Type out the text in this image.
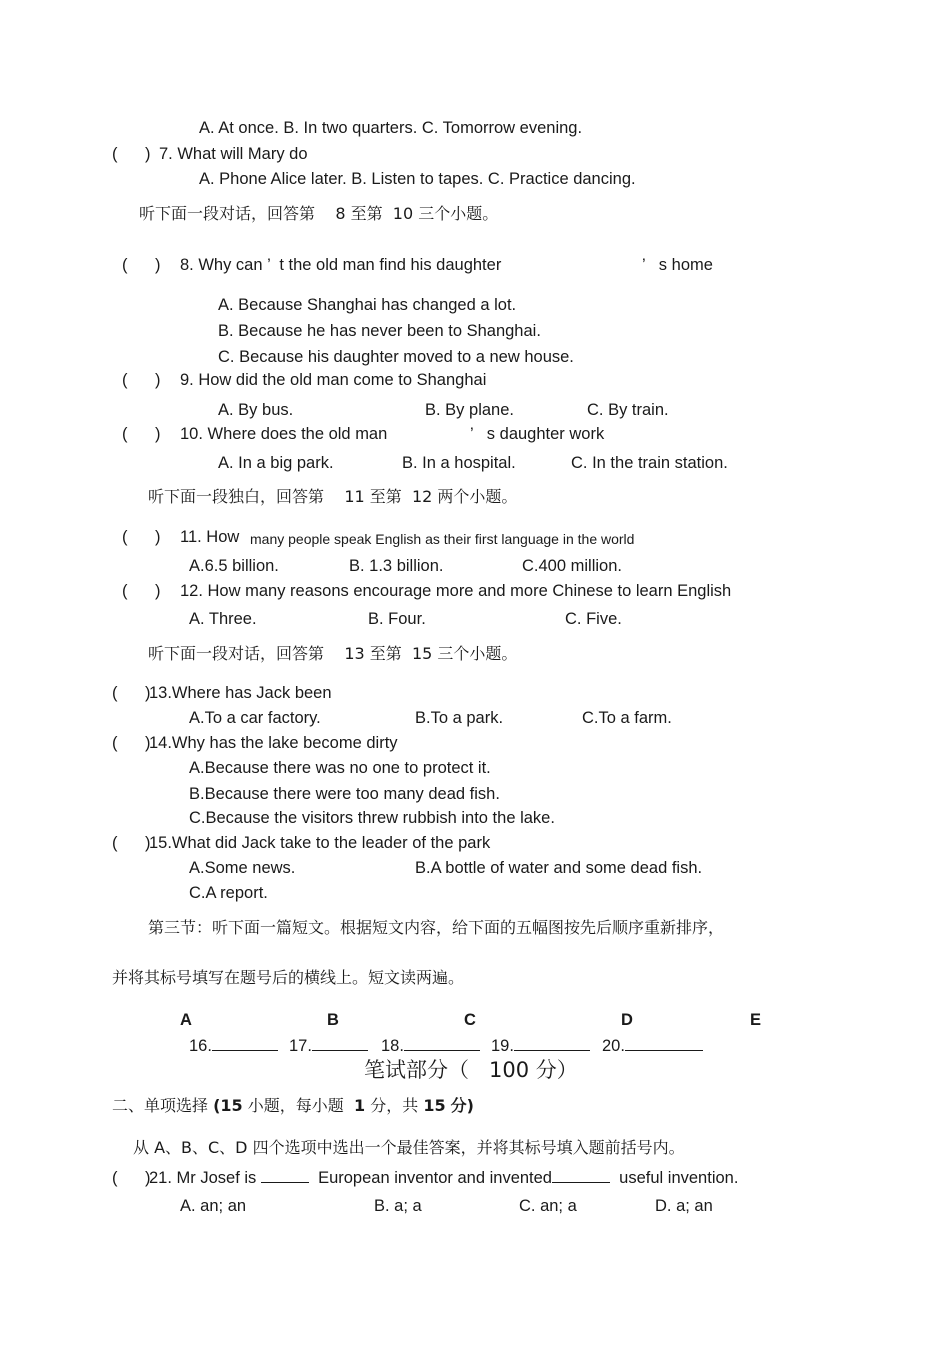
A. At once. B. In two quarters. C. Tomorrow evening.
(      ) 7. What will Mary do
A. Phone Alice later. B. Listen to tapes. C. Practice dancing.
听下面一段对话，回答第    8 至第  10 三个小题。
(      ) 8. Why can ’  t the old man find his daughter	’   s home
A. Because Shanghai has changed a lot.
B. Because he has never been to Shanghai.
C. Because his daughter moved to a new house.
(      ) 9. How did the old man come to Shanghai
A. By bus.	B. By plane.	C. By train.
(      ) 10. Where does the old man	’   s daughter work
A. In a big park.	B. In a hospital.	C. In the train station.
听下面一段独白，回答第    11 至第  12 两个小题。
(      ) 11. How many people speak English as their first language in the world
A.6.5 billion.	B. 1.3 billion.	C.400 million.
(      ) 12. How many reasons encourage more and more Chinese to learn English
A. Three.	B. Four.	C. Five.
听下面一段对话，回答第    13 至第  15 三个小题。
(      )
13.Where has Jack been
A.To a car factory.	B.To a park.	C.To a farm.
(      )
14.Why has the lake become dirty
A.Because there was no one to protect it.
B.Because there were too many dead fish.
C.Because the visitors threw rubbish into the lake.
(      )
15.What did Jack take to the leader of the park
A.Some news.	B.A bottle of water and some dead fish.
C.A report.
第三节：听下面一篇短文。根据短文内容，给下面的五幅图按先后顺序重新排序，
并将其标号填写在题号后的横线上。短文读两遍。
A	B	C	D	E
16.	17.	18.	19.	20.
笔试部分（   100 分）
二、单项选择 (15 小题，每小题 1 分，共 15 分)
从 A、B、C、D 四个选项中选出一个最佳答案，并将其标号填入题前括号内。
(      )
21. Mr Josef is	European inventor and invented	useful invention.
A. an; an	B. a; a	C. an; a	D. a; an
